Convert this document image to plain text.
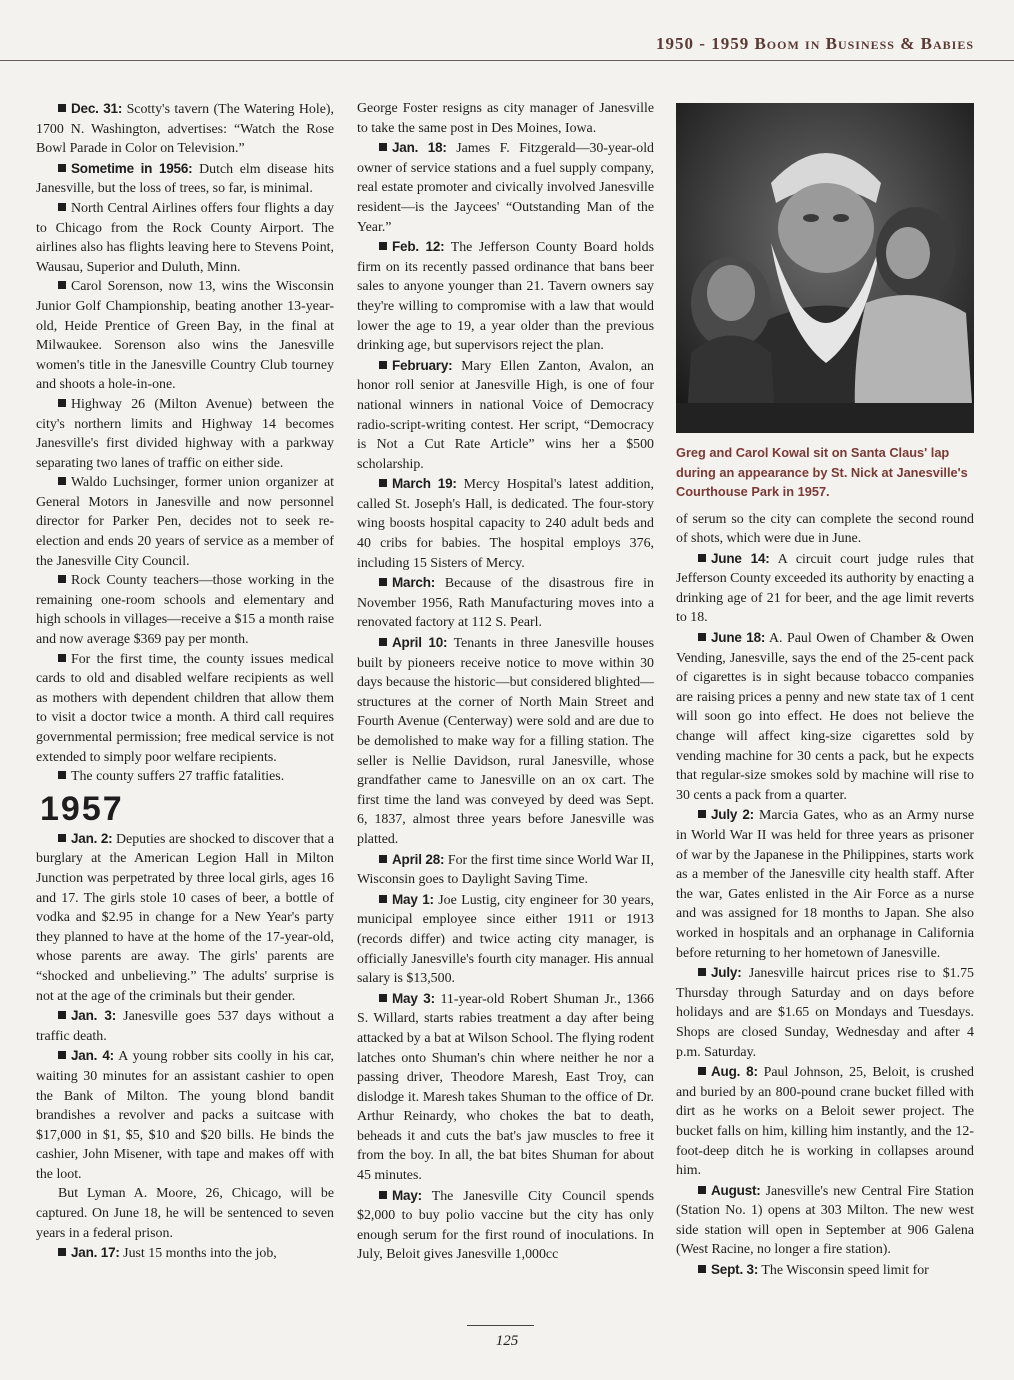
1950 - 1959 Boom in Business & Babies

Dec. 31: Scotty's tavern (The Watering Hole), 1700 N. Washington, advertises: “Watch the Rose Bowl Parade in Color on Television.”

Sometime in 1956: Dutch elm disease hits Janesville, but the loss of trees, so far, is minimal.

North Central Airlines offers four flights a day to Chicago from the Rock County Airport. The airlines also has flights leaving here to Stevens Point, Wausau, Superior and Duluth, Minn.

Carol Sorenson, now 13, wins the Wisconsin Junior Golf Championship, beating another 13-year-old, Heide Prentice of Green Bay, in the final at Milwaukee. Sorenson also wins the Janesville women's title in the Janesville Country Club tourney and shoots a hole-in-one.

Highway 26 (Milton Avenue) between the city's northern limits and Highway 14 becomes Janesville's first divided highway with a parkway separating two lanes of traffic on either side.

Waldo Luchsinger, former union organizer at General Motors in Janesville and now personnel director for Parker Pen, decides not to seek re-election and ends 20 years of service as a member of the Janesville City Council.

Rock County teachers—those working in the remaining one-room schools and elementary and high schools in villages—receive a $15 a month raise and now average $369 pay per month.

For the first time, the county issues medical cards to old and disabled welfare recipients as well as mothers with dependent children that allow them to visit a doctor twice a month. A third call requires governmental permission; free medical service is not extended to simply poor welfare recipients.

The county suffers 27 traffic fatalities.

1957

Jan. 2: Deputies are shocked to discover that a burglary at the American Legion Hall in Milton Junction was perpetrated by three local girls, ages 16 and 17. The girls stole 10 cases of beer, a bottle of vodka and $2.95 in change for a New Year's party they planned to have at the home of the 17-year-old, whose parents are away. The girls' parents are “shocked and unbelieving.” The adults' surprise is not at the age of the criminals but their gender.

Jan. 3: Janesville goes 537 days without a traffic death.

Jan. 4: A young robber sits coolly in his car, waiting 30 minutes for an assistant cashier to open the Bank of Milton. The young blond bandit brandishes a revolver and packs a suitcase with $17,000 in $1, $5, $10 and $20 bills. He binds the cashier, John Misener, with tape and makes off with the loot.

But Lyman A. Moore, 26, Chicago, will be captured. On June 18, he will be sentenced to seven years in a federal prison.

Jan. 17: Just 15 months into the job,

George Foster resigns as city manager of Janesville to take the same post in Des Moines, Iowa.

Jan. 18: James F. Fitzgerald—30-year-old owner of service stations and a fuel supply company, real estate promoter and civically involved Janesville resident—is the Jaycees' “Outstanding Man of the Year.”

Feb. 12: The Jefferson County Board holds firm on its recently passed ordinance that bans beer sales to anyone younger than 21. Tavern owners say they're willing to compromise with a law that would lower the age to 19, a year older than the previous drinking age, but supervisors reject the plan.

February: Mary Ellen Zanton, Avalon, an honor roll senior at Janesville High, is one of four national winners in national Voice of Democracy radio-script-writing contest. Her script, “Democracy is Not a Cut Rate Article” wins her a $500 scholarship.

March 19: Mercy Hospital's latest addition, called St. Joseph's Hall, is dedicated. The four-story wing boosts hospital capacity to 240 adult beds and 40 cribs for babies. The hospital employs 376, including 15 Sisters of Mercy.

March: Because of the disastrous fire in November 1956, Rath Manufacturing moves into a renovated factory at 112 S. Pearl.

April 10: Tenants in three Janesville houses built by pioneers receive notice to move within 30 days because the historic—but considered blighted—structures at the corner of North Main Street and Fourth Avenue (Centerway) were sold and are due to be demolished to make way for a filling station. The seller is Nellie Davidson, rural Janesville, whose grandfather came to Janesville on an ox cart. The first time the land was conveyed by deed was Sept. 6, 1837, almost three years before Janesville was platted.

April 28: For the first time since World War II, Wisconsin goes to Daylight Saving Time.

May 1: Joe Lustig, city engineer for 30 years, municipal employee since either 1911 or 1913 (records differ) and twice acting city manager, is officially Janesville's fourth city manager. His annual salary is $13,500.

May 3: 11-year-old Robert Shuman Jr., 1366 S. Willard, starts rabies treatment a day after being attacked by a bat at Wilson School. The flying rodent latches onto Shuman's chin where neither he nor a passing driver, Theodore Maresh, East Troy, can dislodge it. Maresh takes Shuman to the office of Dr. Arthur Reinardy, who chokes the bat to death, beheads it and cuts the bat's jaw muscles to free it from the boy. In all, the bat bites Shuman for about 45 minutes.

May: The Janesville City Council spends $2,000 to buy polio vaccine but the city has only enough serum for the first round of inoculations. In July, Beloit gives Janesville 1,000cc

Greg and Carol Kowal sit on Santa Claus' lap during an appearance by St. Nick at Janesville's Courthouse Park in 1957.

of serum so the city can complete the second round of shots, which were due in June.

June 14: A circuit court judge rules that Jefferson County exceeded its authority by enacting a drinking age of 21 for beer, and the age limit reverts to 18.

June 18: A. Paul Owen of Chamber & Owen Vending, Janesville, says the end of the 25-cent pack of cigarettes is in sight because tobacco companies are raising prices a penny and new state tax of 1 cent will soon go into effect. He does not believe the change will affect king-size cigarettes sold by vending machine for 30 cents a pack, but he expects that regular-size smokes sold by machine will rise to 30 cents a pack from a quarter.

July 2: Marcia Gates, who as an Army nurse in World War II was held for three years as prisoner of war by the Japanese in the Philippines, starts work as a member of the Janesville city health staff. After the war, Gates enlisted in the Air Force as a nurse and was assigned for 18 months to Japan. She also worked in hospitals and an orphanage in California before returning to her hometown of Janesville.

July: Janesville haircut prices rise to $1.75 Thursday through Saturday and on days before holidays and are $1.65 on Mondays and Tuesdays. Shops are closed Sunday, Wednesday and after 4 p.m. Saturday.

Aug. 8: Paul Johnson, 25, Beloit, is crushed and buried by an 800-pound crane bucket filled with dirt as he works on a Beloit sewer project. The bucket falls on him, killing him instantly, and the 12-foot-deep ditch he is working in collapses around him.

August: Janesville's new Central Fire Station (Station No. 1) opens at 303 Milton. The new west side station will open in September at 906 Galena (West Racine, no longer a fire station).

Sept. 3: The Wisconsin speed limit for

125
